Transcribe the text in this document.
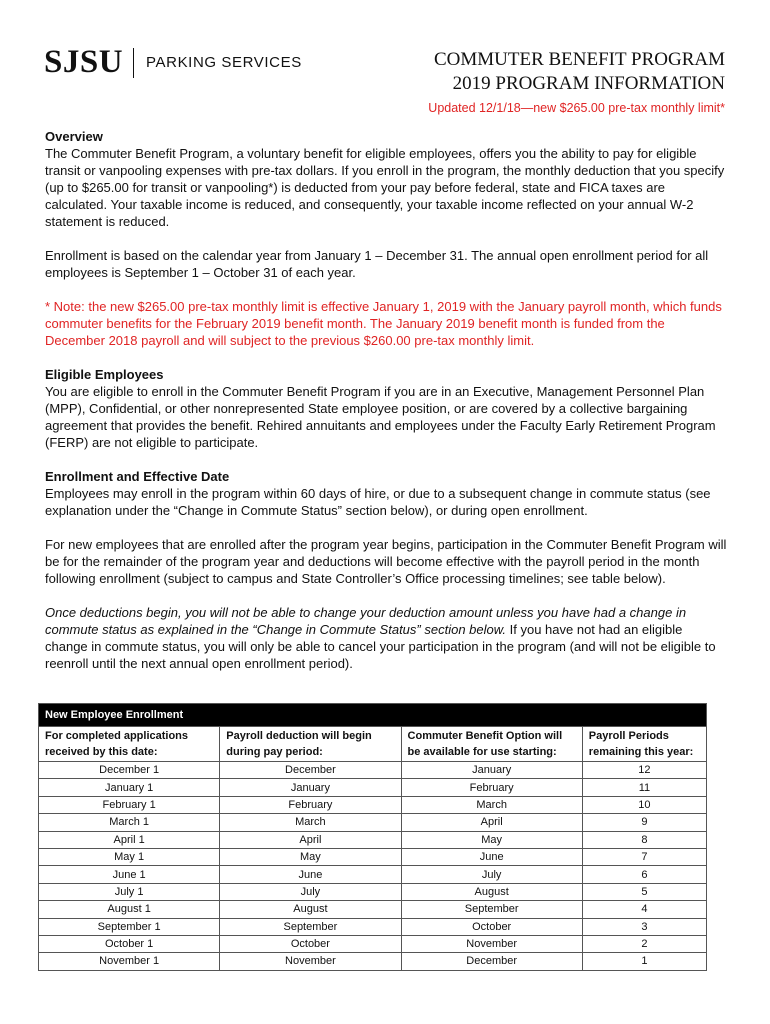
SJSU PARKING SERVICES	COMMUTER BENEFIT PROGRAM
2019 PROGRAM INFORMATION
Updated 12/1/18—new $265.00 pre-tax monthly limit*

Overview

The Commuter Benefit Program, a voluntary benefit for eligible employees, offers you the ability to pay for eligible transit or vanpooling expenses with pre-tax dollars. If you enroll in the program, the monthly deduction that you specify (up to $265.00 for transit or vanpooling*) is deducted from your pay before federal, state and FICA taxes are calculated. Your taxable income is reduced, and consequently, your taxable income reflected on your annual W-2 statement is reduced.

Enrollment is based on the calendar year from January 1 – December 31. The annual open enrollment period for all employees is September 1 – October 31 of each year.

* Note: the new $265.00 pre-tax monthly limit is effective January 1, 2019 with the January payroll month, which funds commuter benefits for the February 2019 benefit month. The January 2019 benefit month is funded from the December 2018 payroll and will subject to the previous $260.00 pre-tax monthly limit.

Eligible Employees

You are eligible to enroll in the Commuter Benefit Program if you are in an Executive, Management Personnel Plan (MPP), Confidential, or other nonrepresented State employee position, or are covered by a collective bargaining agreement that provides the benefit. Rehired annuitants and employees under the Faculty Early Retirement Program (FERP) are not eligible to participate.

Enrollment and Effective Date

Employees may enroll in the program within 60 days of hire, or due to a subsequent change in commute status (see explanation under the “Change in Commute Status” section below), or during open enrollment.

For new employees that are enrolled after the program year begins, participation in the Commuter Benefit Program will be for the remainder of the program year and deductions will become effective with the payroll period in the month following enrollment (subject to campus and State Controller’s Office processing timelines; see table below).

Once deductions begin, you will not be able to change your deduction amount unless you have had a change in commute status as explained in the “Change in Commute Status” section below. If you have not had an eligible change in commute status, you will only be able to cancel your participation in the program (and will not be eligible to reenroll until the next annual open enrollment period).

New Employee Enrollment			
For completed applications received by this date:	Payroll deduction will begin during pay period:	Commuter Benefit Option will be available for use starting:	Payroll Periods remaining this year:
December 1	December	January	12
January 1	January	February	11
February 1	February	March	10
March 1	March	April	9
April 1	April	May	8
May 1	May	June	7
June 1	June	July	6
July 1	July	August	5
August 1	August	September	4
September 1	September	October	3
October 1	October	November	2
November 1	November	December	1
